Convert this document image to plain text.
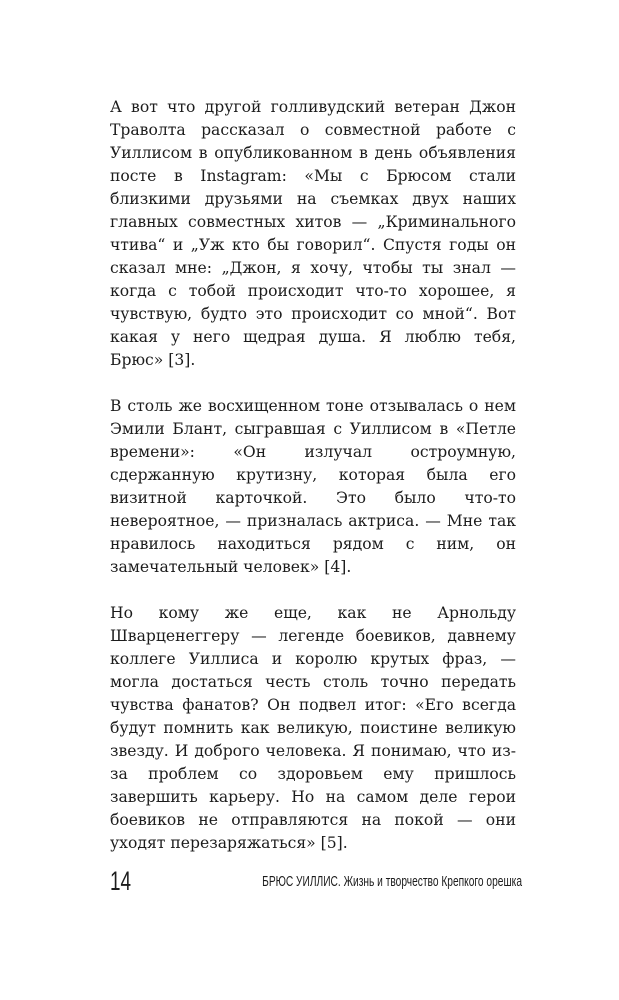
А вот что другой голливудский ветеран Джон Траволта рассказал о совместной работе с Уиллисом в опубликованном в день объявления посте в Instagram: «Мы с Брюсом стали близкими друзьями на съемках двух наших главных совместных хитов — „Криминального чтива“ и „Уж кто бы говорил“. Спустя годы он сказал мне: „Джон, я хочу, чтобы ты знал — когда с тобой происходит что-то хорошее, я чувствую, будто это происходит со мной“. Вот какая у него щедрая душа. Я люблю тебя, Брюс» [3].

В столь же восхищенном тоне отзывалась о нем Эмили Блант, сыгравшая с Уиллисом в «Петле времени»: «Он излучал остроумную, сдержанную крутизну, которая была его визитной карточкой. Это было что-то невероятное, — призналась актриса. — Мне так нравилось находиться рядом с ним, он замечательный человек» [4].

Но кому же еще, как не Арнольду Шварценеггеру — легенде боевиков, давнему коллеге Уиллиса и королю крутых фраз, — могла достаться честь столь точно передать чувства фанатов? Он подвел итог: «Его всегда будут помнить как великую, поистине великую звезду. И доброго человека. Я понимаю, что из-за проблем со здоровьем ему пришлось завершить карьеру. Но на самом деле герои боевиков не отправляются на покой — они уходят перезаряжаться» [5].

14	БРЮС УИЛЛИС. Жизнь и творчество Крепкого орешка
